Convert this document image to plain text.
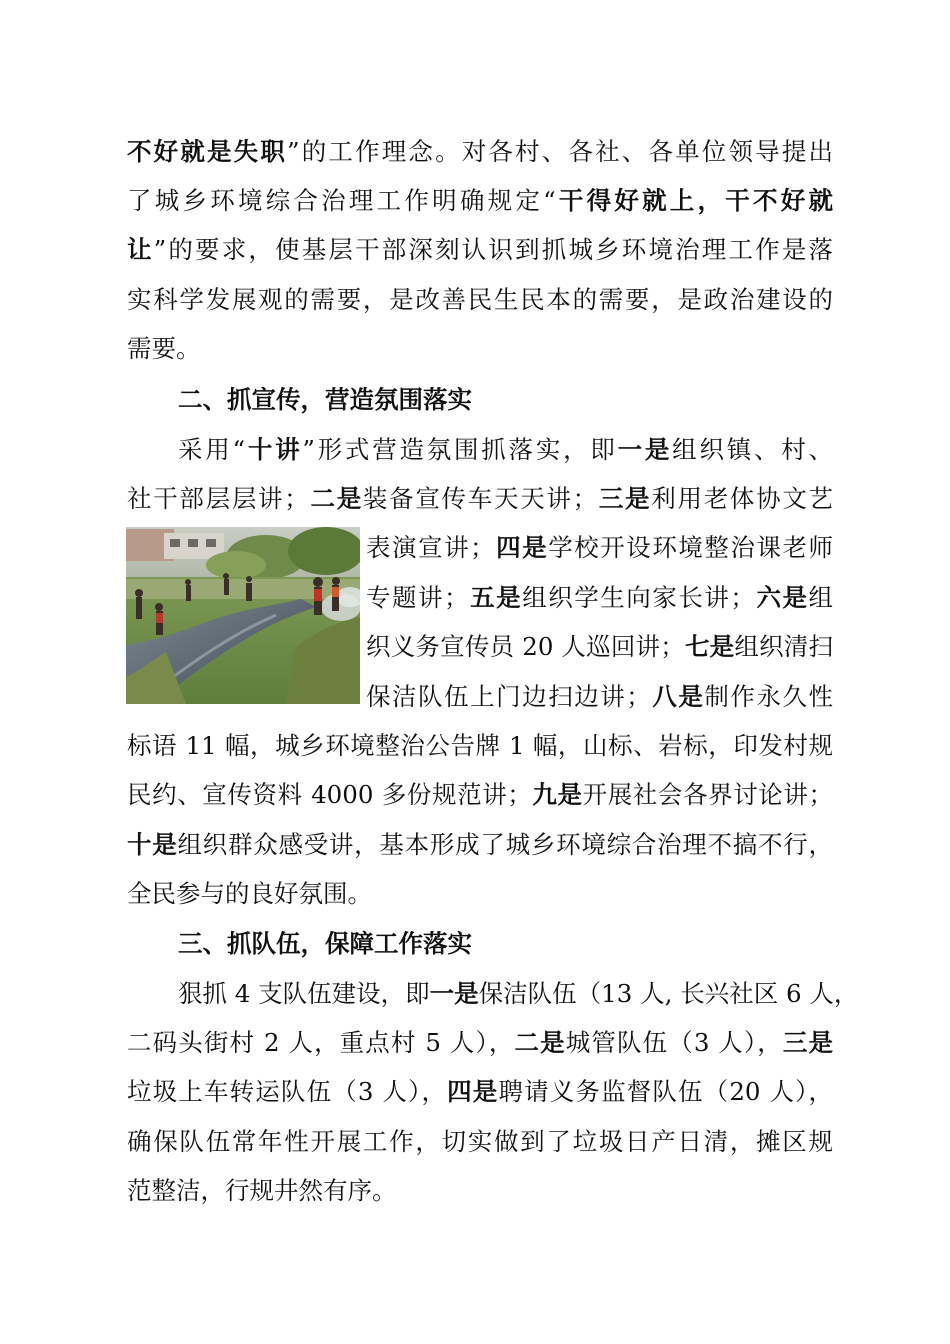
不好就是失职”的工作理念。对各村、各社、各单位领导提出
了城乡环境综合治理工作明确规定“干得好就上，干不好就
让”的要求，使基层干部深刻认识到抓城乡环境治理工作是落
实科学发展观的需要，是改善民生民本的需要，是政治建设的
需要。
二、抓宣传，营造氛围落实
采用“十讲”形式营造氛围抓落实，即一是组织镇、村、
社干部层层讲；二是装备宣传车天天讲；三是利用老体协文艺
表演宣讲；四是学校开设环境整治课老师
专题讲；五是组织学生向家长讲；六是组
织义务宣传员 20 人巡回讲；七是组织清扫
保洁队伍上门边扫边讲；八是制作永久性
标语 11 幅，城乡环境整治公告牌 1 幅，山标、岩标，印发村规
民约、宣传资料 4000 多份规范讲；九是开展社会各界讨论讲；
十是组织群众感受讲，基本形成了城乡环境综合治理不搞不行，
全民参与的良好氛围。
三、抓队伍，保障工作落实
狠抓 4 支队伍建设，即一是保洁队伍（13 人, 长兴社区 6 人，
二码头街村 2 人，重点村 5 人），二是城管队伍（3 人），三是
垃圾上车转运队伍（3 人），四是聘请义务监督队伍（20 人），
确保队伍常年性开展工作，切实做到了垃圾日产日清，摊区规
范整洁，行规井然有序。
